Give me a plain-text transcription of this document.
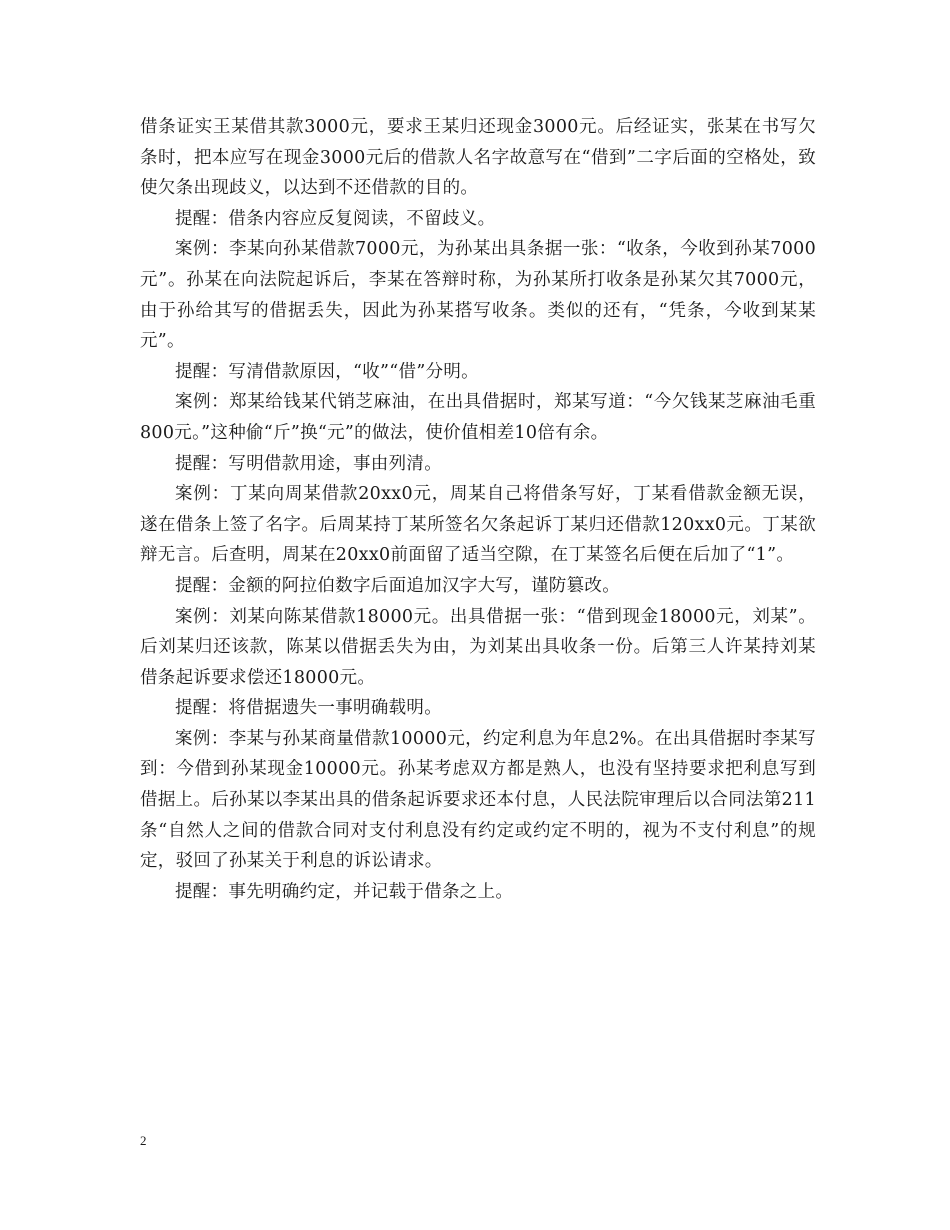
借条证实王某借其款3000元，要求王某归还现金3000元。后经证实，张某在书写欠条时，把本应写在现金3000元后的借款人名字故意写在“借到”二字后面的空格处，致使欠条出现歧义，以达到不还借款的目的。

提醒：借条内容应反复阅读，不留歧义。

案例：李某向孙某借款7000元，为孙某出具条据一张：“收条，今收到孙某7000元”。孙某在向法院起诉后，李某在答辩时称，为孙某所打收条是孙某欠其7000元，由于孙给其写的借据丢失，因此为孙某搭写收条。类似的还有，“凭条，今收到某某元”。

提醒：写清借款原因，“收”“借”分明。

案例：郑某给钱某代销芝麻油，在出具借据时，郑某写道：“今欠钱某芝麻油毛重800元。”这种偷“斤”换“元”的做法，使价值相差10倍有余。

提醒：写明借款用途，事由列清。

案例：丁某向周某借款20xx0元，周某自己将借条写好，丁某看借款金额无误，遂在借条上签了名字。后周某持丁某所签名欠条起诉丁某归还借款120xx0元。丁某欲辩无言。后查明，周某在20xx0前面留了适当空隙，在丁某签名后便在后加了“1”。

提醒：金额的阿拉伯数字后面追加汉字大写，谨防篡改。

案例：刘某向陈某借款18000元。出具借据一张：“借到现金18000元，刘某”。后刘某归还该款，陈某以借据丢失为由，为刘某出具收条一份。后第三人许某持刘某借条起诉要求偿还18000元。

提醒：将借据遗失一事明确载明。

案例：李某与孙某商量借款10000元，约定利息为年息2%。在出具借据时李某写到：今借到孙某现金10000元。孙某考虑双方都是熟人，也没有坚持要求把利息写到借据上。后孙某以李某出具的借条起诉要求还本付息，人民法院审理后以合同法第211条“自然人之间的借款合同对支付利息没有约定或约定不明的，视为不支付利息”的规定，驳回了孙某关于利息的诉讼请求。

提醒：事先明确约定，并记载于借条之上。

2
